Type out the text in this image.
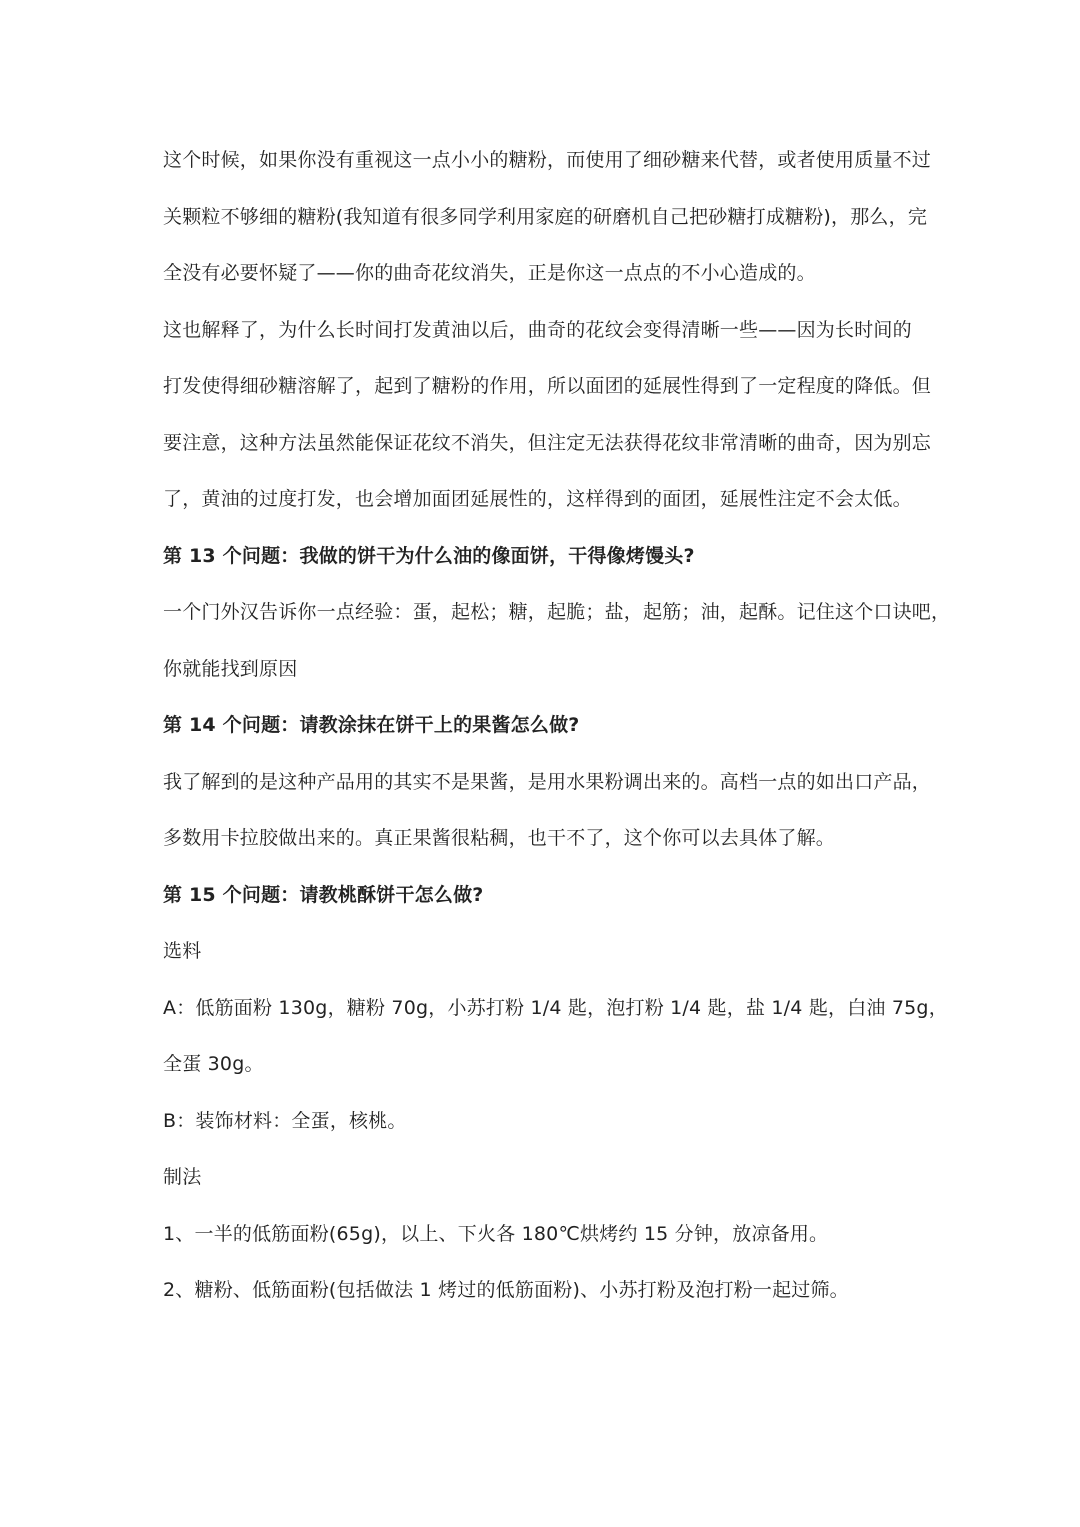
这个时候，如果你没有重视这一点小小的糖粉，而使用了细砂糖来代替，或者使用质量不过
关颗粒不够细的糖粉(我知道有很多同学利用家庭的研磨机自己把砂糖打成糖粉)，那么，完
全没有必要怀疑了——你的曲奇花纹消失，正是你这一点点的不小心造成的。
这也解释了，为什么长时间打发黄油以后，曲奇的花纹会变得清晰一些——因为长时间的
打发使得细砂糖溶解了，起到了糖粉的作用，所以面团的延展性得到了一定程度的降低。但
要注意，这种方法虽然能保证花纹不消失，但注定无法获得花纹非常清晰的曲奇，因为别忘
了，黄油的过度打发，也会增加面团延展性的，这样得到的面团，延展性注定不会太低。
第 13 个问题：我做的饼干为什么油的像面饼，干得像烤馒头?
一个门外汉告诉你一点经验：蛋，起松；糖，起脆；盐，起筋；油，起酥。记住这个口诀吧，
你就能找到原因
第 14 个问题：请教涂抹在饼干上的果酱怎么做?
我了解到的是这种产品用的其实不是果酱，是用水果粉调出来的。高档一点的如出口产品，
多数用卡拉胶做出来的。真正果酱很粘稠，也干不了，这个你可以去具体了解。
第 15 个问题：请教桃酥饼干怎么做?
选料
A：低筋面粉 130g，糖粉 70g，小苏打粉 1/4 匙，泡打粉 1/4 匙，盐 1/4 匙，白油 75g，
全蛋 30g。
B：装饰材料：全蛋，核桃。
制法
1、一半的低筋面粉(65g)，以上、下火各 180℃烘烤约 15 分钟，放凉备用。
2、糖粉、低筋面粉(包括做法 1 烤过的低筋面粉)、小苏打粉及泡打粉一起过筛。
